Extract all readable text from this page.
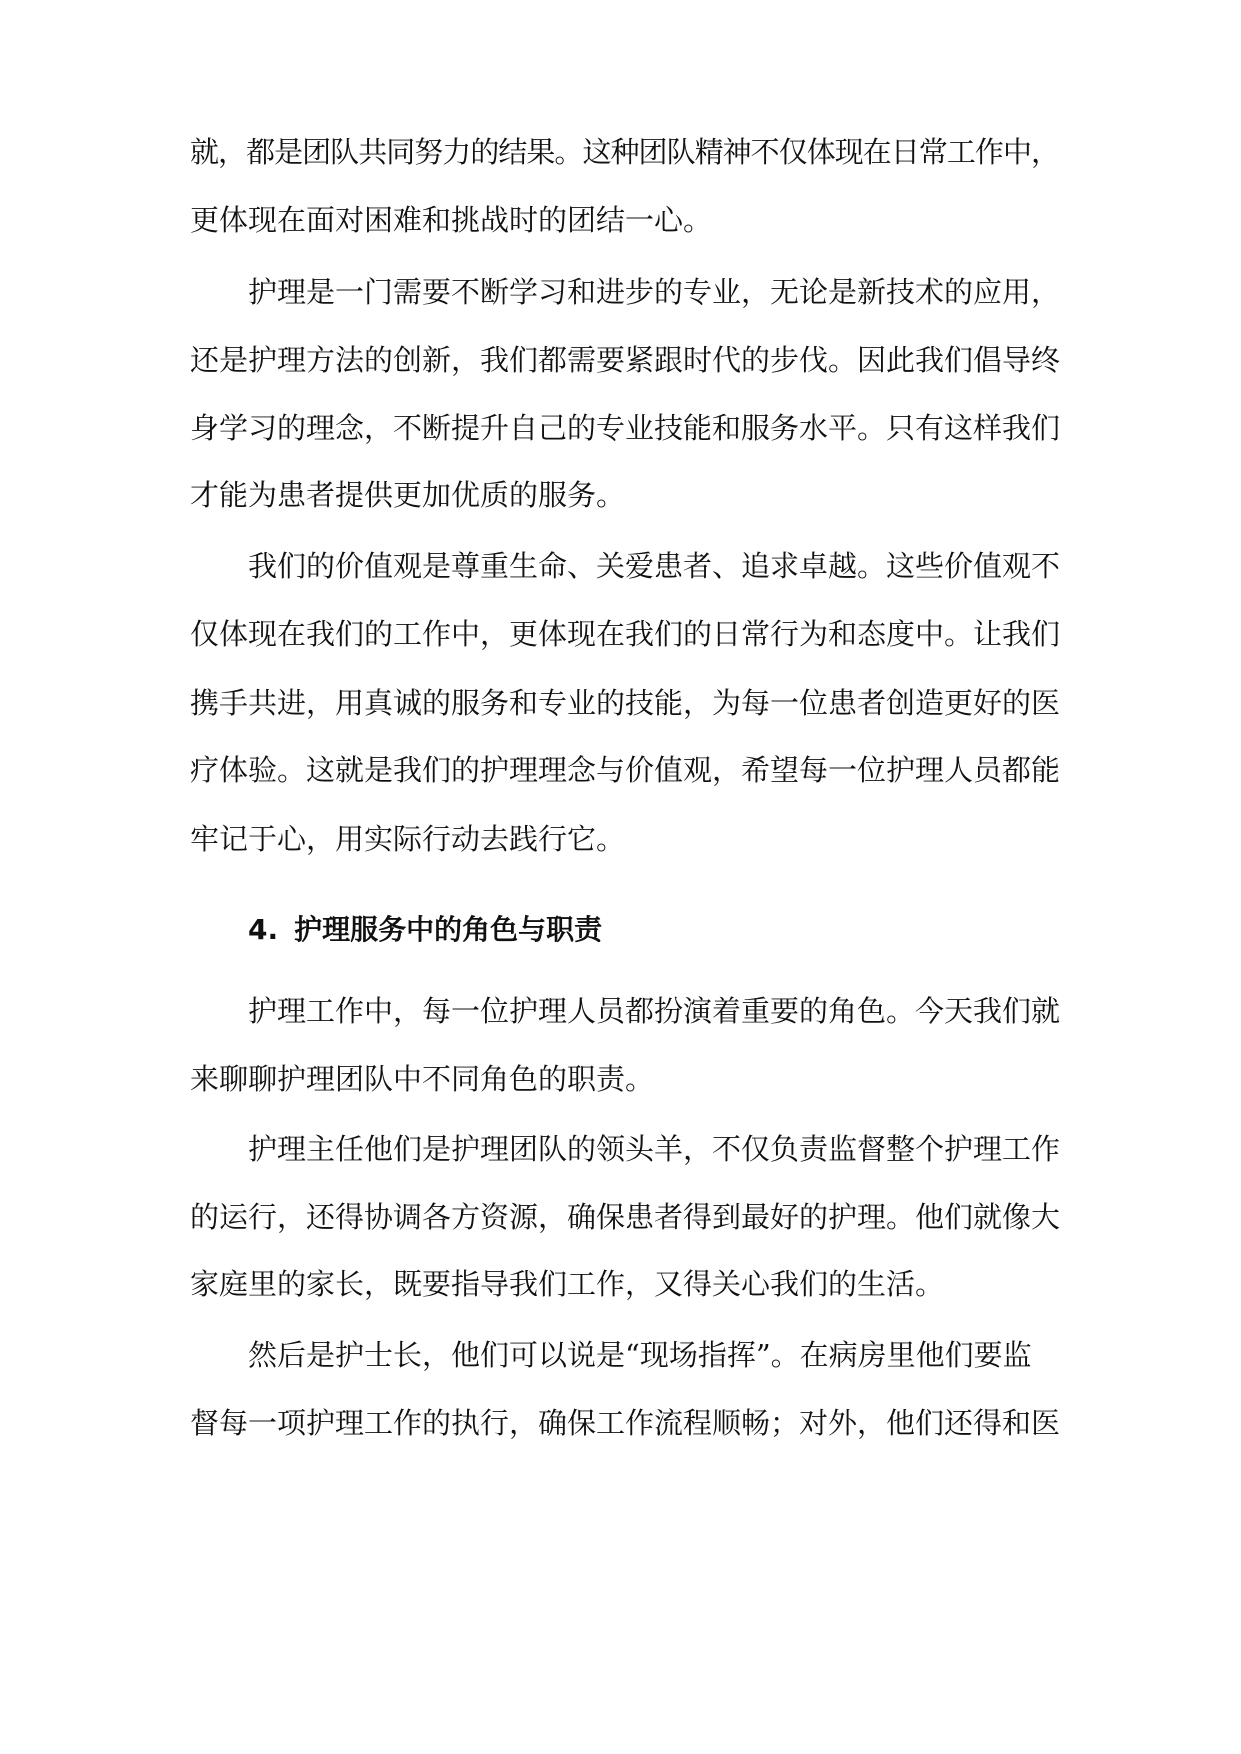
就，都是团队共同努力的结果。这种团队精神不仅体现在日常工作中，
更体现在面对困难和挑战时的团结一心。
护理是一门需要不断学习和进步的专业，无论是新技术的应用，
还是护理方法的创新，我们都需要紧跟时代的步伐。因此我们倡导终
身学习的理念，不断提升自己的专业技能和服务水平。只有这样我们
才能为患者提供更加优质的服务。
我们的价值观是尊重生命、关爱患者、追求卓越。这些价值观不
仅体现在我们的工作中，更体现在我们的日常行为和态度中。让我们
携手共进，用真诚的服务和专业的技能，为每一位患者创造更好的医
疗体验。这就是我们的护理理念与价值观，希望每一位护理人员都能
牢记于心，用实际行动去践行它。
4. 护理服务中的角色与职责
护理工作中，每一位护理人员都扮演着重要的角色。今天我们就
来聊聊护理团队中不同角色的职责。
护理主任他们是护理团队的领头羊，不仅负责监督整个护理工作
的运行，还得协调各方资源，确保患者得到最好的护理。他们就像大
家庭里的家长，既要指导我们工作，又得关心我们的生活。
然后是护士长，他们可以说是“现场指挥”。在病房里他们要监
督每一项护理工作的执行，确保工作流程顺畅；对外，他们还得和医
